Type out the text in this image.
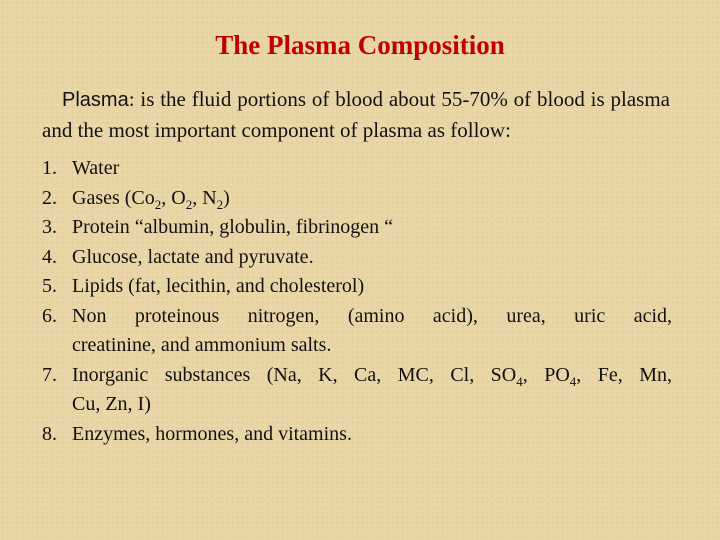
The Plasma Composition

Plasma: is the fluid portions of blood about 55-70% of blood is plasma and the most important component of plasma as follow:

1. Water
2. Gases ($Co_2$, $O_2$, $N_2$)
3. Protein “albumin, globulin, fibrinogen “
4. Glucose, lactate and pyruvate.
5. Lipids (fat, lecithin, and cholesterol)
6. Non proteinous nitrogen, (amino acid), urea, uric acid,
creatinine, and ammonium salts.
7. Inorganic substances (Na, K, Ca, MC, Cl, $SO_4$, $PO_4$, Fe, Mn,
Cu, Zn, I)
8. Enzymes, hormones, and vitamins.
